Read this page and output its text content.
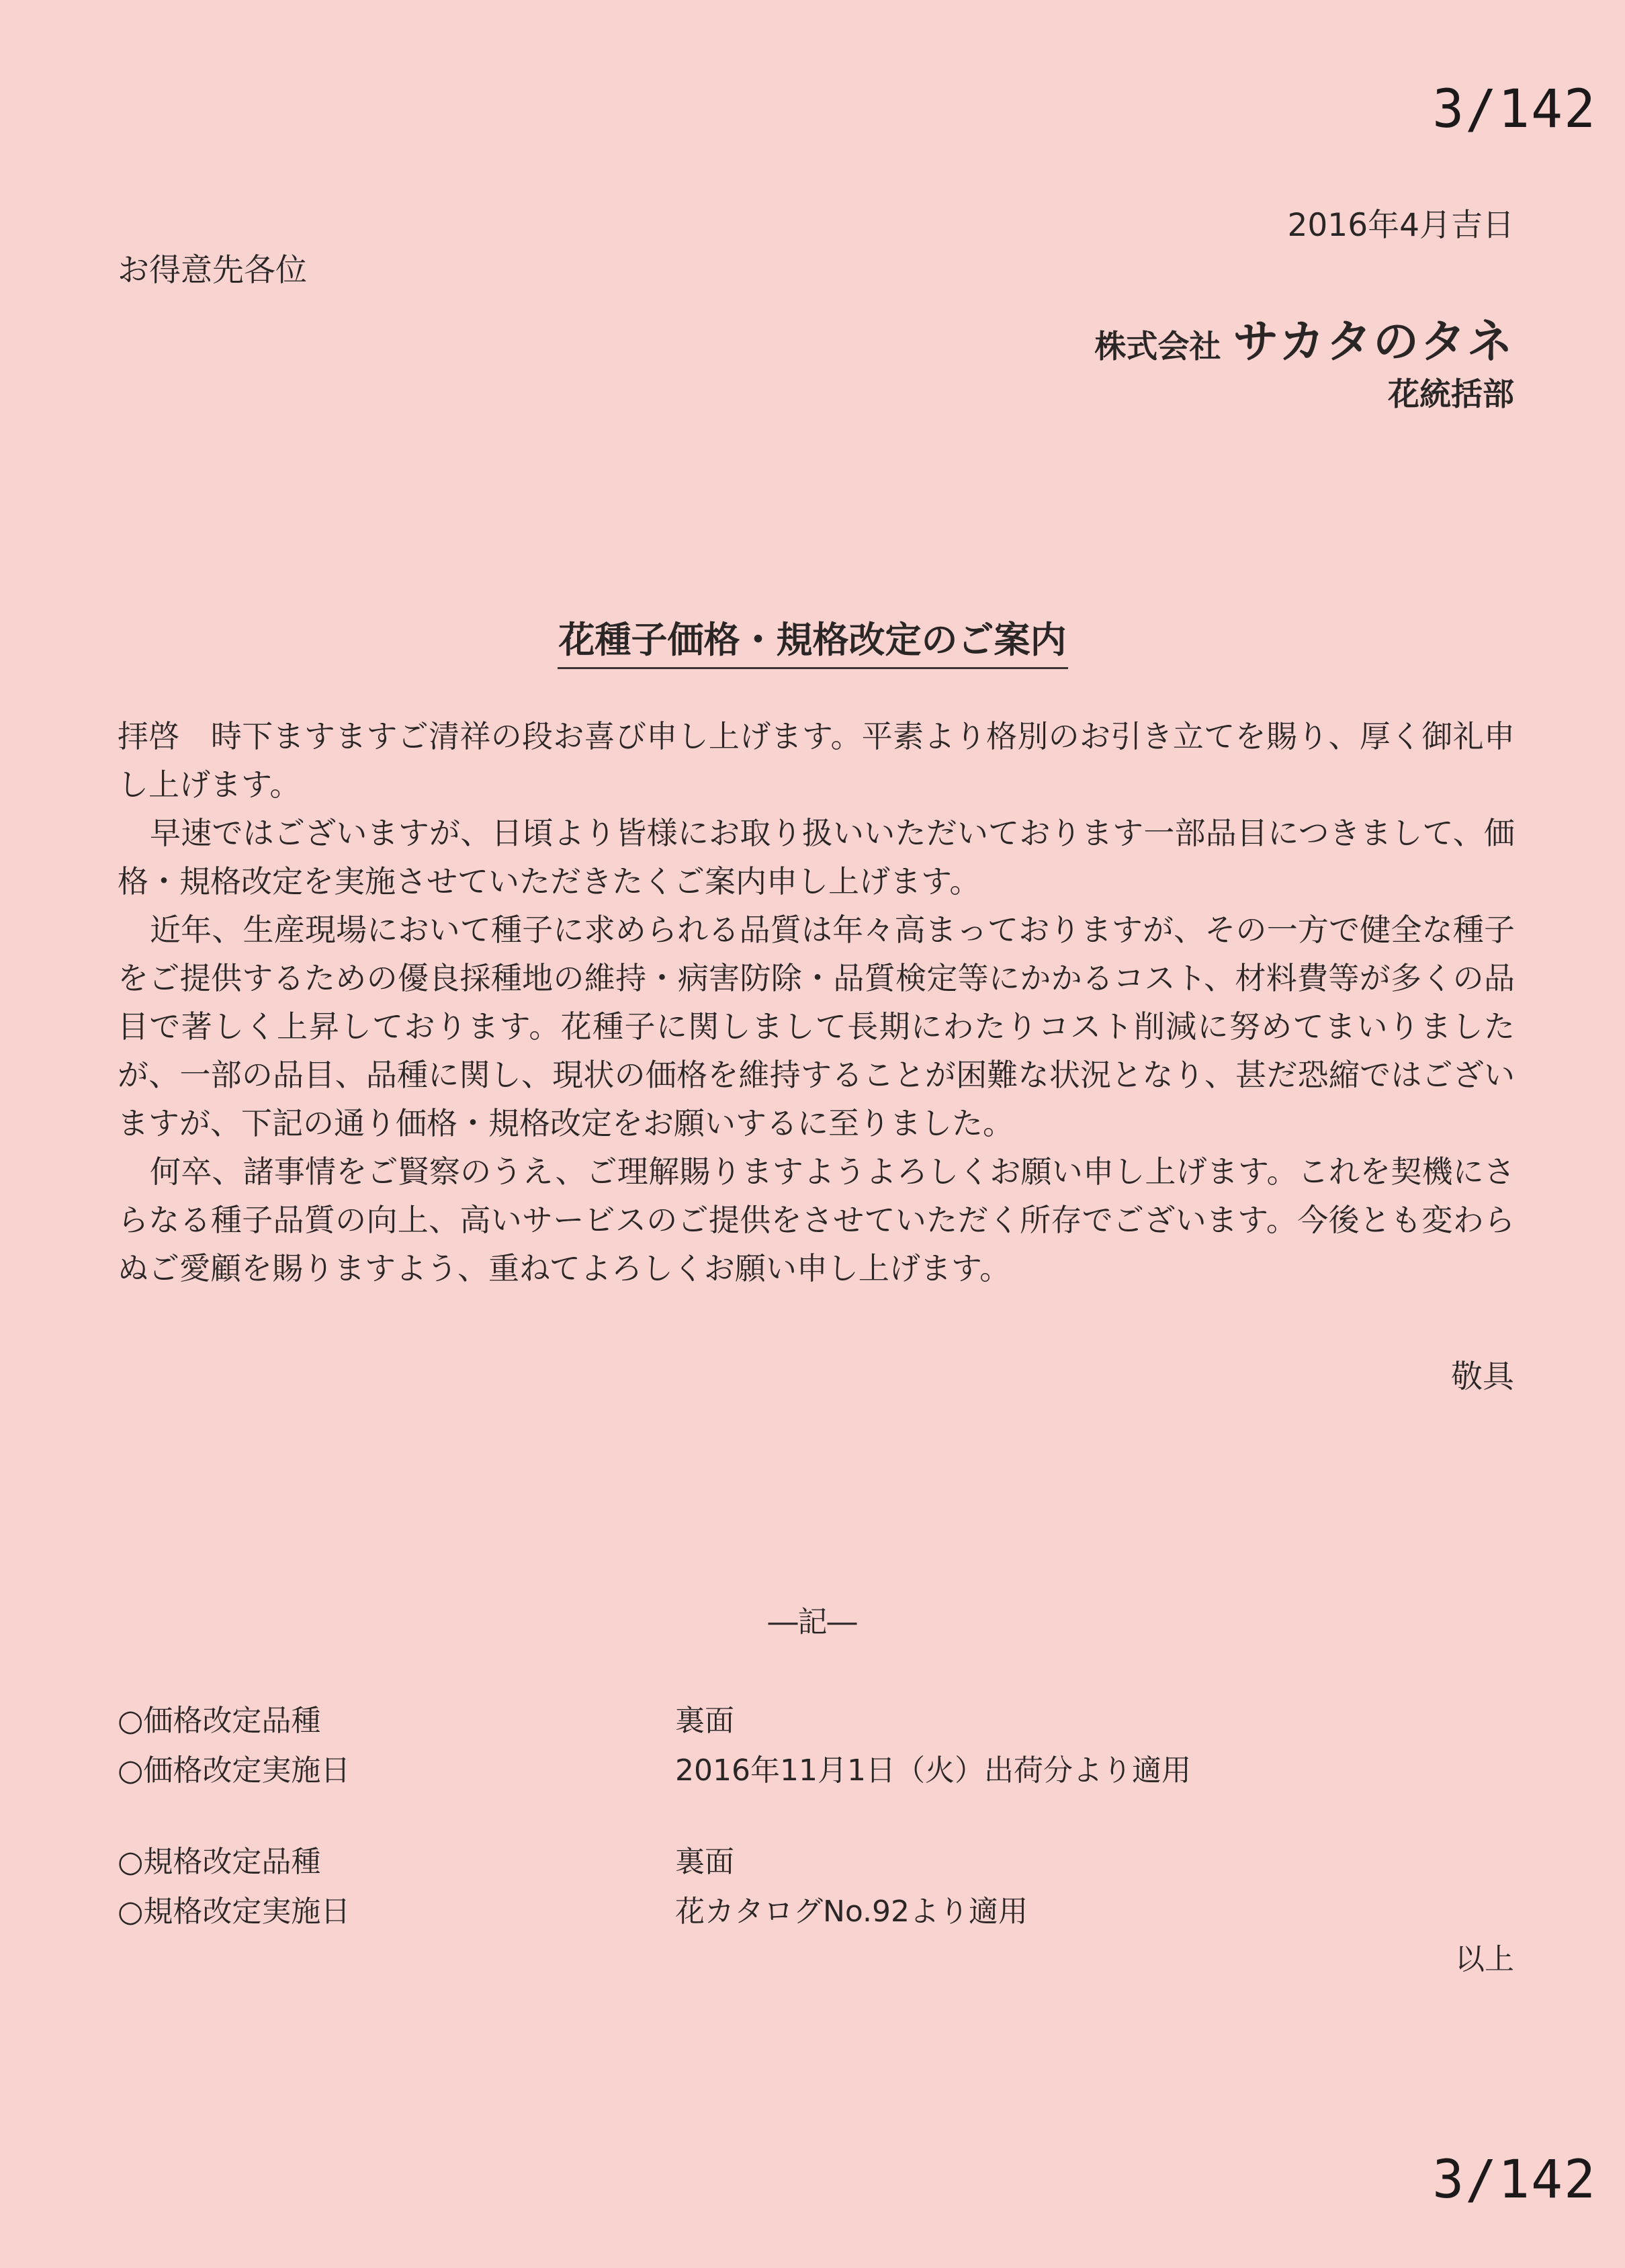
3/142
2016年4月吉日
お得意先各位
株式会社 サカタのタネ
花統括部
花種子価格・規格改定のご案内

拝啓　時下ますますご清祥の段お喜び申し上げます。平素より格別のお引き立てを賜り、厚く御礼申し上げます。

早速ではございますが、日頃より皆様にお取り扱いいただいております一部品目につきまして、価格・規格改定を実施させていただきたくご案内申し上げます。

近年、生産現場において種子に求められる品質は年々高まっておりますが、その一方で健全な種子をご提供するための優良採種地の維持・病害防除・品質検定等にかかるコスト、材料費等が多くの品目で著しく上昇しております。花種子に関しまして長期にわたりコスト削減に努めてまいりましたが、一部の品目、品種に関し、現状の価格を維持することが困難な状況となり、甚だ恐縮ではございますが、下記の通り価格・規格改定をお願いするに至りました。

何卒、諸事情をご賢察のうえ、ご理解賜りますようよろしくお願い申し上げます。これを契機にさらなる種子品質の向上、高いサービスのご提供をさせていただく所存でございます。今後とも変わらぬご愛顧を賜りますよう、重ねてよろしくお願い申し上げます。

敬具
―記―
○価格改定品種	裏面
○価格改定実施日	2016年11月1日（火）出荷分より適用
○規格改定品種	裏面
○規格改定実施日	花カタログNo.92より適用
以上
3/142
